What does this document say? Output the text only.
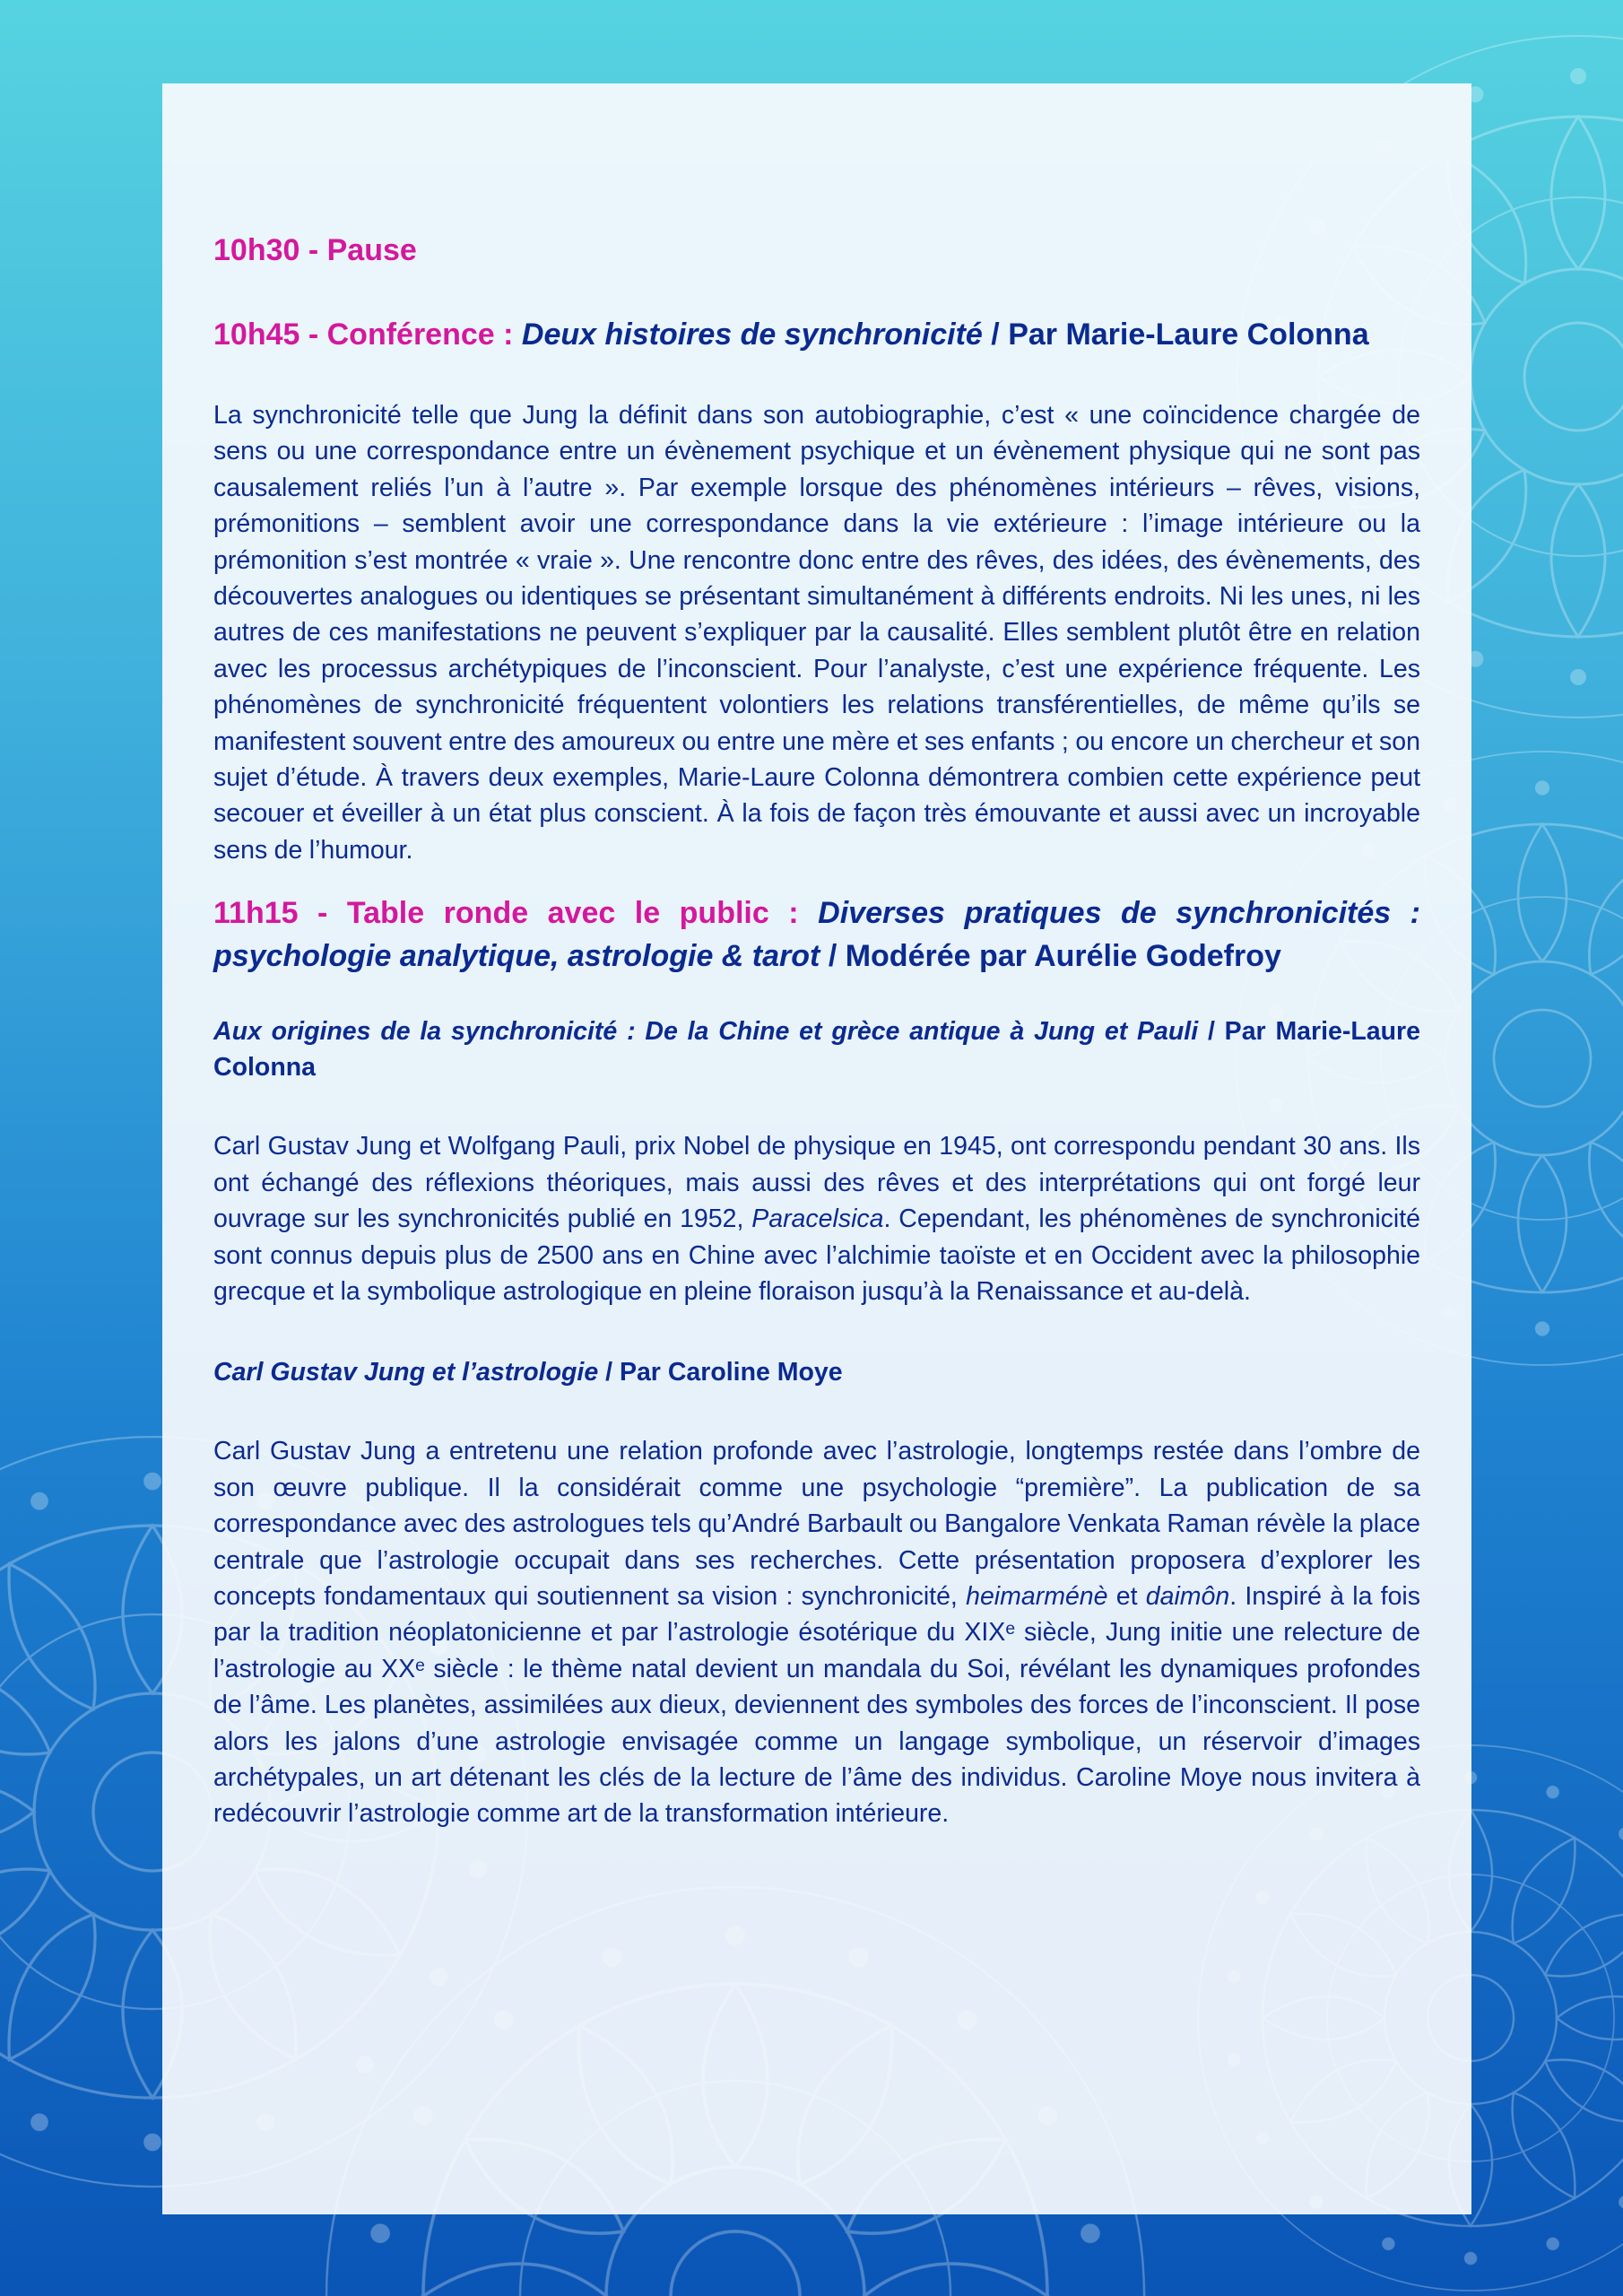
10h30 - Pause
10h45 - Conférence : Deux histoires de synchronicité / Par Marie-Laure Colonna

La synchronicité telle que Jung la définit dans son autobiographie, c’est « une coïncidence chargée de sens ou une correspondance entre un évènement psychique et un évènement physique qui ne sont pas causalement reliés l’un à l’autre ». Par exemple lorsque des phénomènes intérieurs – rêves, visions, prémonitions – semblent avoir une correspondance dans la vie extérieure : l’image intérieure ou la prémonition s’est montrée « vraie ». Une rencontre donc entre des rêves, des idées, des évènements, des découvertes analogues ou identiques se présentant simultanément à différents endroits. Ni les unes, ni les autres de ces manifestations ne peuvent s’expliquer par la causalité. Elles semblent plutôt être en relation avec les processus archétypiques de l’inconscient. Pour l’analyste, c’est une expérience fréquente. Les phénomènes de synchronicité fréquentent volontiers les relations transférentielles, de même qu’ils se manifestent souvent entre des amoureux ou entre une mère et ses enfants ; ou encore un chercheur et son sujet d’étude. À travers deux exemples, Marie-Laure Colonna démontrera combien cette expérience peut secouer et éveiller à un état plus conscient. À la fois de façon très émouvante et aussi avec un incroyable sens de l’humour.

11h15 - Table ronde avec le public : Diverses pratiques de synchronicités : psychologie analytique, astrologie & tarot / Modérée par Aurélie Godefroy
Aux origines de la synchronicité : De la Chine et grèce antique à Jung et Pauli / Par Marie-Laure Colonna

Carl Gustav Jung et Wolfgang Pauli, prix Nobel de physique en 1945, ont correspondu pendant 30 ans. Ils ont échangé des réflexions théoriques, mais aussi des rêves et des interprétations qui ont forgé leur ouvrage sur les synchronicités publié en 1952, Paracelsica. Cependant, les phénomènes de synchronicité sont connus depuis plus de 2500 ans en Chine avec l’alchimie taoïste et en Occident avec la philosophie grecque et la symbolique astrologique en pleine floraison jusqu’à la Renaissance et au-delà.

Carl Gustav Jung et l’astrologie / Par Caroline Moye

Carl Gustav Jung a entretenu une relation profonde avec l’astrologie, longtemps restée dans l’ombre de son œuvre publique. Il la considérait comme une psychologie “première”. La publication de sa correspondance avec des astrologues tels qu’André Barbault ou Bangalore Venkata Raman révèle la place centrale que l’astrologie occupait dans ses recherches. Cette présentation proposera d’explorer les concepts fondamentaux qui soutiennent sa vision : synchronicité, heimarménè et daimôn. Inspiré à la fois par la tradition néoplatonicienne et par l’astrologie ésotérique du XIXᵉ siècle, Jung initie une relecture de l’astrologie au XXᵉ siècle : le thème natal devient un mandala du Soi, révélant les dynamiques profondes de l’âme. Les planètes, assimilées aux dieux, deviennent des symboles des forces de l’inconscient. Il pose alors les jalons d’une astrologie envisagée comme un langage symbolique, un réservoir d’images archétypales, un art détenant les clés de la lecture de l’âme des individus. Caroline Moye nous invitera à redécouvrir l’astrologie comme art de la transformation intérieure.
